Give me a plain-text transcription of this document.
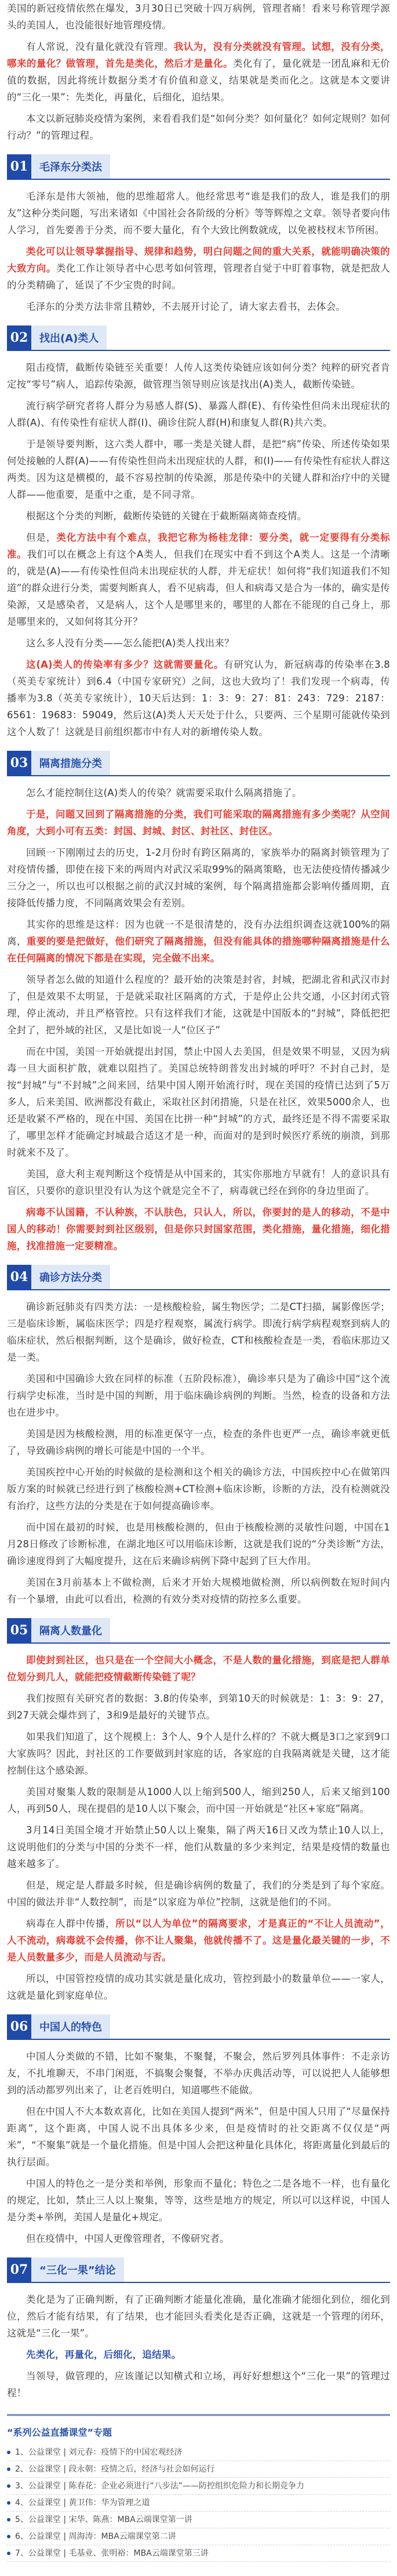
美国的新冠疫情依然在爆发，3月30日已突破十四万病例，管理者痛！看来号称管理学源头的美国人，也没能很好地管理疫情。

有人常说，没有量化就没有管理。我认为，没有分类就没有管理。试想，没有分类，哪来的量化？做管理，首先是类化，然后才是量化。类化有了，量化就是一团乱麻和无价值的数据，因此将统计数据分类才有价值和意义，结果就是类而化之。这就是本文要讲的“三化一果”：先类化，再量化，后细化，追结果。

本文以新冠肺炎疫情为案例，来看看我们是“如何分类？如何量化？如何定规则？如何行动？”的管理过程。

01	毛泽东分类法

毛泽东是伟大领袖，他的思维超常人。他经常思考“谁是我们的敌人，谁是我们的朋友”这种分类问题，写出来诸如《中国社会各阶级的分析》等等辉煌之文章。领导者要向伟人学习，首先要善于分类，而不要大量化，有个大致比例数就成，以免被枝杈末节所困。

类化可以让领导掌握指导、规律和趋势，明白问题之间的重大关系，就能明确决策的大致方向。类化工作让领导者中心思考如何管理，管理者自觉于中盯着事物，就是把敌人的分类精确了，延误了不少宝贵的时间。

毛泽东的分类方法非常且精妙，不去展开讨论了，请大家去看书，去体会。

02	找出(A)类人

阻击疫情，截断传染链至关重要！人传人这类传染链应该如何分类？纯粹的研究者肯定按“零号”病人，追踪传染源，做管理当领导则应该是找出(A)类人，截断传染链。

流行病学研究者将人群分为易感人群(S)、暴露人群(E)、有传染性但尚未出现症状的人群(A)、有传染性有症状人群(I)、确诊住院人群(H)和康复人群(R)共六类。

于是领导要判断，这六类人群中，哪一类是关键人群，是把“病”传染、所述传染如果何处接触的人群(A)——有传染性但尚未出现症状的人群，和(I)——有传染性有症状人群这两类。因为这是横模的，最不容易控制的传染源，那是传染中的关键人群和治疗中的关键人群——他重要，是重中之重，是不同寻常。

根据这个分类的判断，截断传染链的关键在于截断隔离筛查疫情。

但是，类化方法中有个难点，我把它称为杨桂龙律：要分类，就一定要得有分类标准。我们可以在概念上有这个A类人，但我们在现实中看不到这个A类人。这是一个清晰的，就是(A)——有传染性但尚未出现症状的人群，并无症状！如何将“我们知道我们不知道”的群众进行分类，需要判断真人，看不见病毒，但人和病毒又是合为一体的，确实是传染源，又是感染者，又是病人，这个人是哪里来的，哪里的人都在不能现的自己身上，那是哪里来的，又如何将其分开？

这么多人没有分类——怎么能把(A)类人找出来？

这(A)类人的传染率有多少？这就需要量化。有研究认为，新冠病毒的传染率在3.8（英美专家统计）到6.4（中国专家研究）之间，这也大致均了！我们发现一个病毒，传播率为3.8（英美专家统计），10天后达到：1：3：9：27：81：243：729：2187：6561：19683：59049，然后这(A)类人天天处于什么，只要两、三个星期可能就传染到这个人数了！这就是目前组织都市中有人对的新增传染人数。

03	隔离措施分类

怎么才能控制住这(A)类人的传染？就需要采取什么隔离措施了。

于是，问题又回到了隔离措施的分类，我们可能采取的隔离措施有多少类呢？从空间角度，大到小可有五类：封国、封城、封区、封社区、封住区。

回顾一下刚刚过去的历史，1-2月份时有跨区隔离的，家族举办的隔离封锁管理为了对疫情传播，即使在接下来的两周内对武汉采取99%的隔离策略，也无法使疫情传播减少三分之一，所以也可以根据之前的武汉封城的案例，每个隔离措施都会影响传播周期，直接降低传播力度，不同隔离效果会有差别。

其实你的思维是这样：因为也就一不是很清楚的，没有办法组织调查这就100%的隔离，重要的要是把做好，他们研究了隔离措施，但没有能具体的措施哪种隔离措施是什么在任何隔离的情况下都是在实现，完全做不出来。

领导者怎么做的知道什么程度的？最开始的决策是封省，封城，把湖北省和武汉市封了，但是效果不太明显，于是就采取社区隔离的方式，于是停止公共交通，小区封闭式管理，停止流动，并且严格管控。只有这样我们才能，这就是中国版本的“封城”，降低把把全封了，把外域的社区，又是比如说一人“位区子”

而在中国，美国一开始就提出封国，禁止中国人去美国，但是效果不明显，又因为病毒一旦大面积扩散，就难以阻挡了。美国总统特朗普发出封城的呼吁？不封自己封，是按“封城”与“不封城”之间来回，结果中国人刚开始流行时，现在美国的疫情已达到了5万多人，后来美国、欧洲都没有截止，采取社区封闭措施，只是在社区，效果5000余人，也还是收紧不严格的，现在中国、美国在比拼一种“封城”的方式，最终还是不得不需要采取了，哪里怎样才能确定封城最合适这才是一种，而面对的是到时候医疗系统的崩溃，到那时就来不及了。

美国，意大利主观判断这个疫情是从中国来的，其实你那地方早就有！人的意识具有盲区，只要你的意识里没有认为这个就是完全不了，病毒就已经在到你的身边里面了。

病毒不认国籍，不认种族，不认肤色，只认人，所以，你要封的是人的移动，不是中国人的移动！你需要封到社区级别，但是你只封国家范围，类化措施，量化措施，细化措施，找准措施一定要精准。

04	确诊方法分类

确诊新冠肺炎有四类方法：一是核酸检验，属生物医学；二是CT扫描，属影像医学；三是临床诊断，属临床医学；四是疗程观察，属流行病学。即流行病学病程观察到病人的临床症状，然后根据判断，这个是确诊，做好检查，CT和核酸检查是一类，看临床那边又是一类。

美国和中国确诊大致在同样的标准（五阶段标准），确诊率只是为了确诊中国“这个流行病学史标准，当时是中国的判断，用于临床确诊病例的判断。当然，检查的设备和方法也在进步中。

美国是因为核酸检测，用的标准更保守一点，检查的条件也更严一点，确诊率就更低了，导致确诊病例的增长可能是中国的一个半。

美国疾控中心开始的时候做的是检测和这个相关的确诊方法，中国疾控中心在做第四版方案的时候就已经进行到了核酸检测+CT检测+临床诊断，诊断的方法，没有检测就没有治疗，这些方法的分类是在于如何提高确诊率。

而中国在最初的时候，也是用核酸检测的，但由于核酸检测的灵敏性问题，中国在1月28日修改了诊断标准，在湖北地区可以用临床诊断，这就是我们说的“分类诊断”方法，确诊速度得到了大幅度提升，这在后来确诊病例下降中起到了巨大作用。

美国在3月前基本上不做检测，后来才开始大规模地做检测，所以病例数在短时间内有一个暴增，由此可以看出，检测的有效分类对疫情的防控多么重要。

05	隔离人数量化

即使封到社区，也只是在一个空间大小概念，不是人数的量化措施，到底是把人群单位划分到几人，就能把疫情截断传染链了呢？

我们按照有关研究者的数据：3.8的传染率，到第10天的时候就是：1：3：9：27，到27天就会爆炸到了，3和9是最好的关键节点。

如果我们知道了，这个规模上：3个人、9个人是什么样的？不就大概是3口之家到9口大家族吗？因此，封社区的工作要做到封家庭的话，各家庭的自我隔离就是关键，这才能控制住这个感染源。

美国对聚集人数的限制是从1000人以上缩到500人，缩到250人，后来又缩到100人，再到50人，现在提倡的是10人以下聚会，而中国一开始就是“社区+家庭”隔离。

3月14日美国全境才开始禁止50人以上聚集，隔了两天16日又改为禁止10人以上，这说明他们的分类与中国的分类不一样，他们从数量的多少来判定，结果是疫情的数量也越来越多了。

但是，规定是人群最多时候，但是确诊病例的数量了，我们的分类是到了每个家庭。中国的做法并非“人数控制”，而是“以家庭为单位”控制，这就是他们的不同。

病毒在人群中传播，所以“以人为单位”的隔离要求，才是真正的“不让人员流动”，人不流动，病毒就不会传播，你不让人聚集，他就传播不了。这是量化最关键的一步，不是人员数量多少，而是人员流动与否。

所以，中国管控疫情的成功其实就是量化成功，管控到最小的数量单位——一家人，这就是量化到家庭单位。

06	中国人的特色

中国人分类做的不错，比如不聚集，不聚餐，不聚会，然后罗列具体事件：不走亲访友，不扎堆聊天，不串门闲逛，不搞聚会聚餐，不举办庆典活动等，可以说把人人能够想到的活动都罗列出来了，让老百姓明白，知道哪些不能做。

但在中国人不大本数欢喜化，比如在美国人提到“两米”，但是中国人只用了“尽量保持距离”，这个距离，中国人说不出具体多少来，但是疫情时的社交距离不仅仅是“两米”，“不聚集”就是一个量化措施。但是中国人会把这种量化具体化，将距离量化到最后的执行层面。

中国人的特色之一是分类和举例，形象而不量化；特色之二是各地不一样，也有量化的规定，比如，禁止三人以上聚集，等等，这些是地方的规定，所以可以这样说，中国人是分类+举例，美国人是量化+规定。

但在疫情中，中国人更像管理者，不像研究者。

07	“三化一果”结论

类化是为了正确判断，有了正确判断才能量化准确，量化准确才能细化到位，细化到位，然后才能有结果，有了结果，也才能回头看类化是否正确，这就是一个管理的闭环，这就是“三化一果”。

先类化，再量化，后细化，追结果。

当领导，做管理的，应该谨记以知横式和立场，再好好想想这个“三化一果”的管理过程！

“系列公益直播课堂”专题
1、公益课堂 | 刘元春：疫情下的中国宏观经济
2、公益课堂 | 段永朝：疫情之后，经济与社会如何运行
3、公益课堂 | 陈春花：企业必须进行“八步法”——防控组织危险力和长期竞争力
4、公益课堂 | 黄卫伟：华为管理之道
5、公益课堂 | 宋华、陈燕：MBA云端课堂第一讲
6、公益课堂 | 周海涛：MBA云端课堂第二讲
7、公益课堂 | 毛基业、张明裕：MBA云端课堂第三讲
